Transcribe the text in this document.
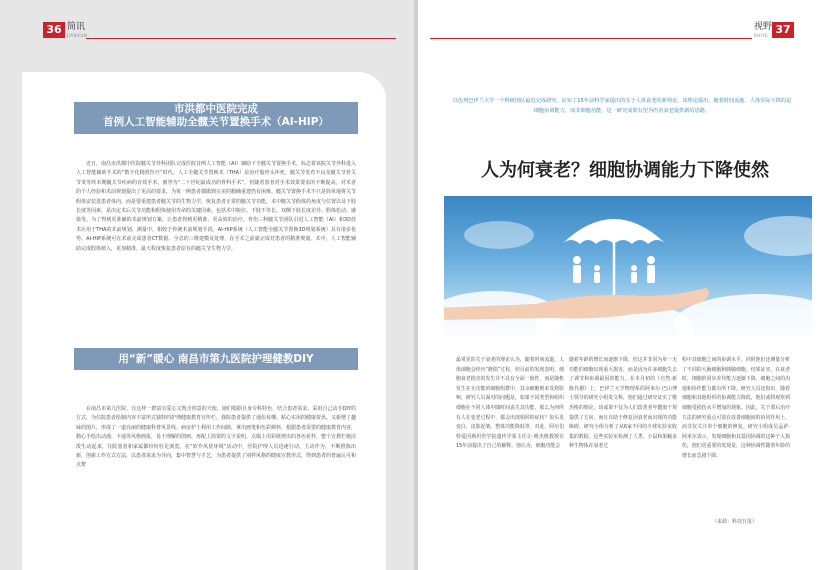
36 简讯
JIANXUN
市洪都中医院完成
首例人工智能辅助全髋关节置换手术（AI-HIP）
近日，南昌市洪都中医院髋关节外科团队完成医院首例人工智能（AI）辅助下全髋关节置换手术，标志着该院关节外科进入人工智能辅助手术的“数字化精准医疗”时代。人工全髋关节置换术（THA）是治疗股骨头坏死、髋关节发育不良及髋关节骨关节炎等终末期髋关节疾病的有效手术，被誉为“二十世纪最成功的骨科手术”。但随着患者对手术效果要求的不断提高，对术者的个人经验和术前规划提出了更高的要求，为每一例患者都做到完美的精确重建仍有困难。髋关节置换手术不只是简单地将关节假体安装进患者体内，而是要重建患者髋关节的生物力学，恢复患者正常的髋关节功能。术中髋关节假体的角度与位置以及下肢长度等因素，是决定术后关节功能和假体使用寿命的关键因素，包括术中脱位、下肢不等长、双侧下肢长度差异、假体松动、感染等。为了得到更准确的术前规划方案，让患者得到更精准、更高效的治疗，骨伤三科髋关节团队引进人工智能（AI）和3D技术应用于THA的术前规划、测量中，相较于传统术前规划手段，AI-HIP系统（人工智能全髋关节置换3D规划系统）具有诸多优势。AI-HIP系统可在术前完成患者CT数据、全息的三维建模及处理，在手术之前就完成对患者的精准规划。术中，人工智能辅助完成假体植入，更加精准，最大程度恢复患者原有的髋关节生物力学。
用“新”暖心 南昌市第九医院护理健教DIY
在南昌市第九医院，有这样一群富有爱心又饱含创意的天使，她们根据自身专科特色，结合患者需求，采用自己动手DIY的方式，为住院患者绘制内容丰富形式独特的护理健康教育宣传栏，我院患者提供了通俗易懂、贴心实用的健康资讯。又新增了趣味的图片，形成了一道亮丽的健康科普风景线。病房护士利用工作间隙，拿出画笔和色彩颜料，根据患者需要的健康教育内容，精心手绘出动漫、卡通等风格画报，易于理解的图画、再配上简要的文字说明，点缀上用彩纸剪出的各色花样，整个宣教栏便活泼生动起来，住院患者和家属都纷纷驻足浏览。在“软作风优环境”活动中，医院护理人员迅速行动，主动作为，不断推陈出新，创新工作方式方法，以患者需求为导向，集中智慧与才艺，为患者提供了别样风格的健康宣教形式，得到患者的普遍认可和点赞
视野
SHIYE 37
以色列巴伊兰大学一个科研团队最近完成研究，证实了15年前科学家提出的关于人体衰老的新理论。该理论提出，随着时间流逝，人体实际下降的是细胞协调能力，而非细胞功能。这一研究成果有望为医治衰老提供新的思路。
人为何衰老？细胞协调能力下降使然
最常见的关于衰老的理论认为，随着时间流逝，人体细胞会经历“磨损”过程，但目前的发现表明，细胞衰老损害的发生并不具有全面一致性，而是随机发生在无功能的细胞组群中，其余细胞则未受到影响。研究人员面对的问题是，如果不同类型和组织细胞在不同人体中随时间丧失其功能，那么为何所有人在变老过程中，都会出现相同的症状？如头发变白、皮肤起皱、整体功能降低等。对此，阿尔伯特爱因斯坦医学院遗传学系主任让·维杰格教授在15年前提出了自己的解释。他认为，细胞功能会
随着年龄的增长而逐渐下降，但这并非因为单一无功能的细胞出现重大损害，而是因为许多细胞失去了调节和协调最因的能力。在本月初的《自然·新陈代谢》上，巴伊兰大学物理系的阿米尔·巴山博士领导的研究小组发文称，他们通过研究证实了维杰格的理论，该成果不仅为人们改善老年健康干预提供了方向，而且有助于修复因衰老而出现的功能障碍。研究小组分析了从6家不同的全球实验室收集的数据，这些实验室检测了人类、小鼠和果蝇多种生物体在衰老过
程中其细胞之间的协调水平。同时他们还测量分析了不同的大脑细胞和胰腺细胞。结果证实，在衰老时，细胞的同步差异能力逐渐下降，细胞之间的沟通和协作能力都有所下降。研究人员还指出，随着细胞和其他组织的协调能力降低，他们或将观察到细胞受损伤水平增加的现象。因此，关于滞后治疗方法的研究重点可放在改善细胞间的协同作用上，而非仅关注单个细胞的修复。研究小组成员孟萨·阿米尔表示，发现细胞和其基因协调的这种个人损伤，他们更重要的发现是，这种协调性随着年龄的增长而急剧下降。
（来源：科技日报）
